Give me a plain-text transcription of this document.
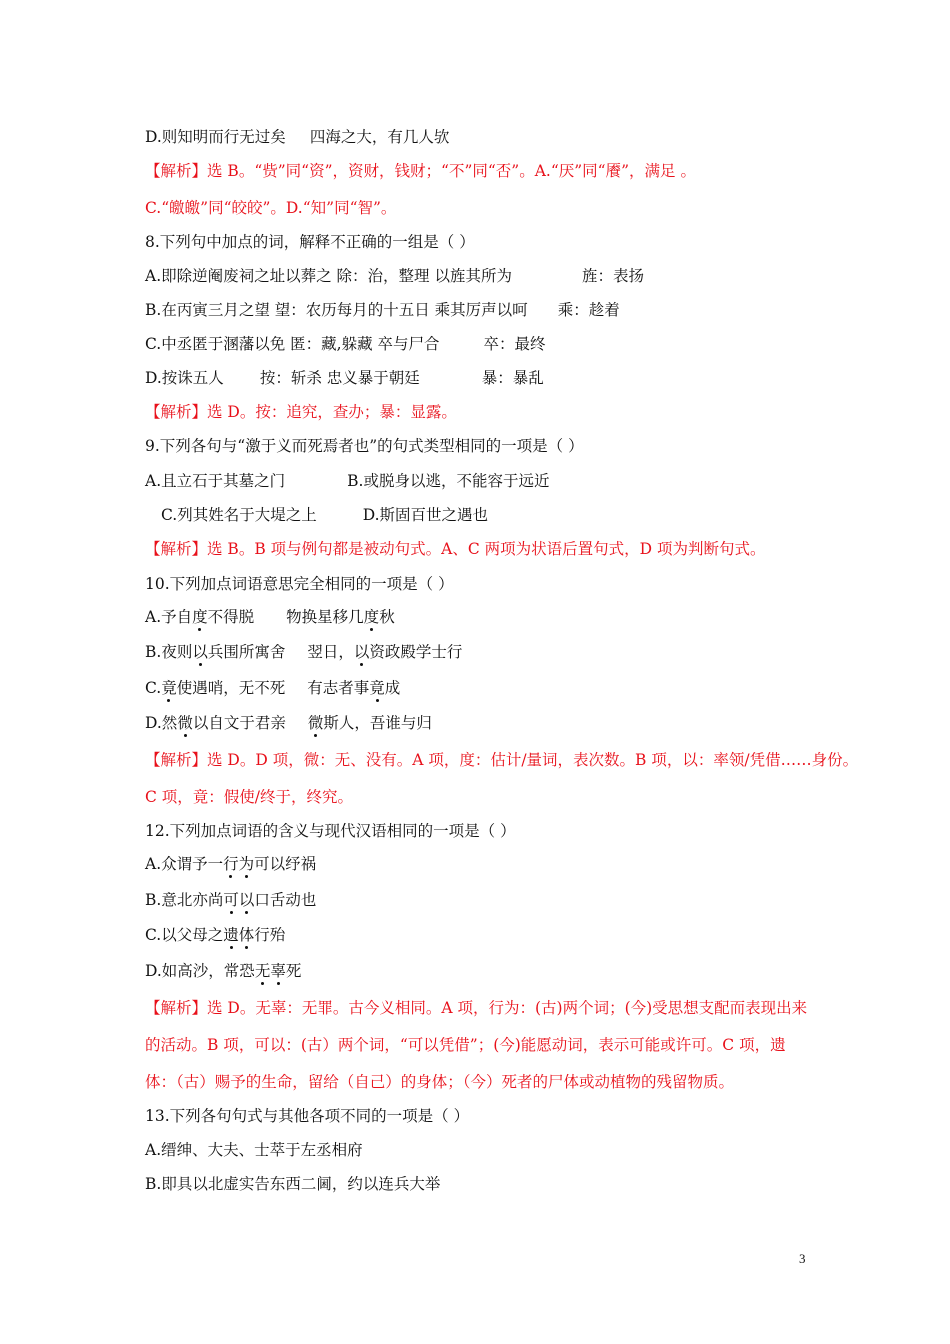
D.则知明而行无过矣 四海之大，有几人欤
【解析】选 B。“赀”同“资”，资财，钱财；“不”同“否”。A.“厌”同“餍”，满足 。
C.“皦皦”同“皎皎”。D.“知”同“智”。
8.下列句中加点的词，解释不正确的一组是（ ）
A.即除逆阉废祠之址以葬之 除：治，整理 以旌其所为	旌：表扬
B.在丙寅三月之望 望：农历每月的十五日 乘其厉声以呵 乘：趁着
C.中丞匿于溷藩以免 匿：藏,躲藏 卒与尸合	卒：最终
D.按诛五人 按：斩杀 忠义暴于朝廷	暴：暴乱
【解析】选 D。按：追究，查办；暴：显露。
9.下列各句与“激于义而死焉者也”的句式类型相同的一项是（ ）
A.且立石于其墓之门	B.或脱身以逃，不能容于远近
C.列其姓名于大堤之上	D.斯固百世之遇也
【解析】选 B。B 项与例句都是被动句式。A、C 两项为状语后置句式，D 项为判断句式。
10.下列加点词语意思完全相同的一项是（ ）
A.予自度不得脱 物换星移几度秋
B.夜则以兵围所寓舍 翌日，以资政殿学士行
C.竟使遇哨，无不死 有志者事竟成
D.然微以自文于君亲 微斯人，吾谁与归
【解析】选 D。D 项，微：无、没有。A 项，度：估计/量词，表次数。B 项，以：率领/凭借……身份。
C 项，竟：假使/终于，终究。
12.下列加点词语的含义与现代汉语相同的一项是（ ）
A.众谓予一行为可以纾祸
B.意北亦尚可以口舌动也
C.以父母之遗体行殆
D.如高沙，常恐无辜死
【解析】选 D。无辜：无罪。古今义相同。A 项，行为：(古)两个词；(今)受思想支配而表现出来
的活动。B 项，可以：(古）两个词，“可以凭借”；(今)能愿动词，表示可能或许可。C 项，遗
体：（古）赐予的生命，留给（自己）的身体；（今）死者的尸体或动植物的残留物质。
13.下列各句句式与其他各项不同的一项是（ ）
A.缙绅、大夫、士萃于左丞相府
B.即具以北虚实告东西二阃，约以连兵大举
3
